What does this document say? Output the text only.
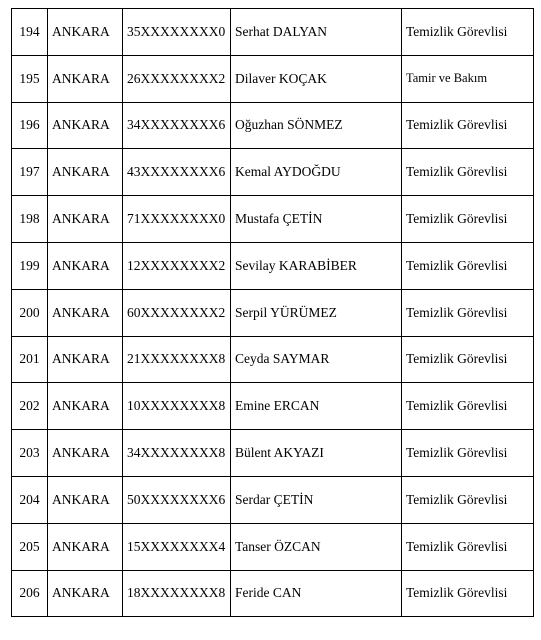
194	ANKARA	35XXXXXXXX0	Serhat DALYAN	Temizlik Görevlisi
195	ANKARA	26XXXXXXXX2	Dilaver KOÇAK	Tamir ve Bakım
196	ANKARA	34XXXXXXXX6	Oğuzhan SÖNMEZ	Temizlik Görevlisi
197	ANKARA	43XXXXXXXX6	Kemal AYDOĞDU	Temizlik Görevlisi
198	ANKARA	71XXXXXXXX0	Mustafa ÇETİN	Temizlik Görevlisi
199	ANKARA	12XXXXXXXX2	Sevilay KARABİBER	Temizlik Görevlisi
200	ANKARA	60XXXXXXXX2	Serpil YÜRÜMEZ	Temizlik Görevlisi
201	ANKARA	21XXXXXXXX8	Ceyda SAYMAR	Temizlik Görevlisi
202	ANKARA	10XXXXXXXX8	Emine ERCAN	Temizlik Görevlisi
203	ANKARA	34XXXXXXXX8	Bülent AKYAZI	Temizlik Görevlisi
204	ANKARA	50XXXXXXXX6	Serdar ÇETİN	Temizlik Görevlisi
205	ANKARA	15XXXXXXXX4	Tanser ÖZCAN	Temizlik Görevlisi
206	ANKARA	18XXXXXXXX8	Feride CAN	Temizlik Görevlisi
